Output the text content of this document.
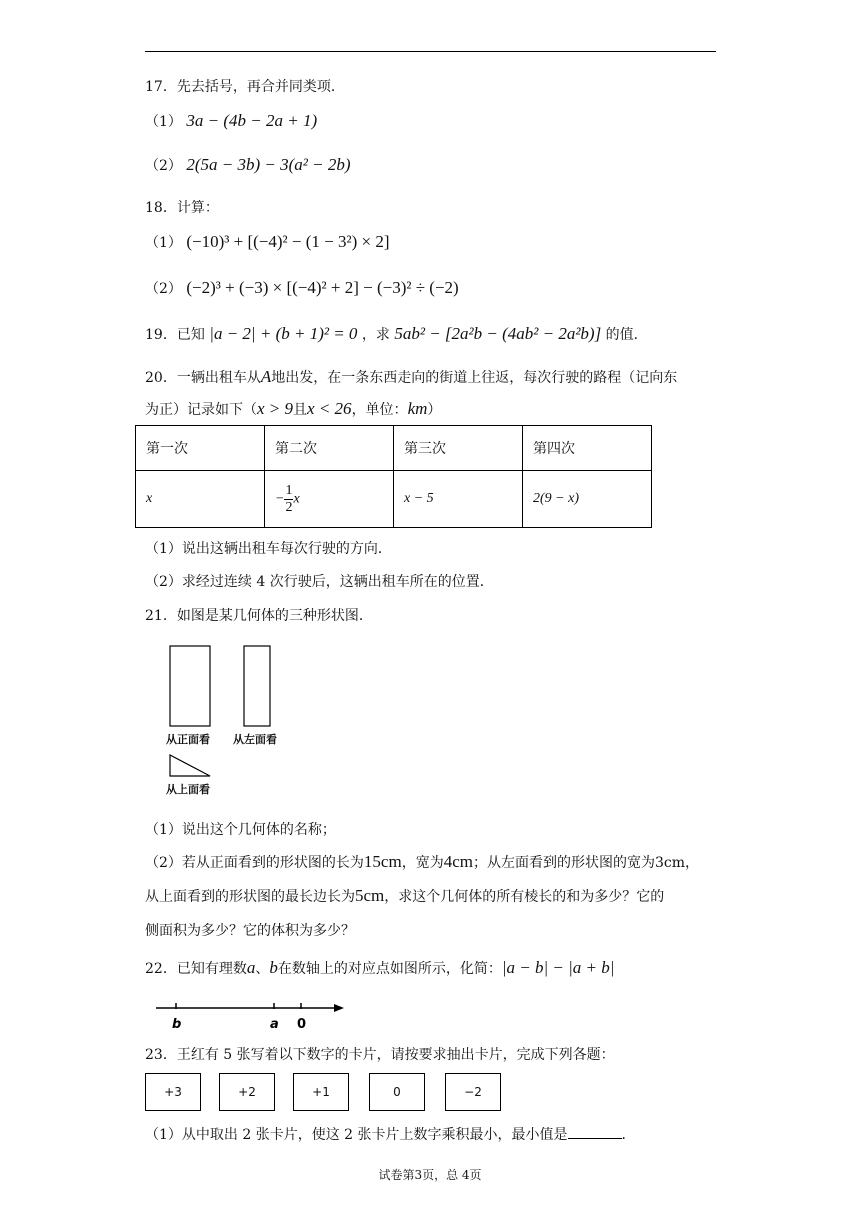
17．先去括号，再合并同类项．
（1） 3a − (4b − 2a + 1)
（2） 2(5a − 3b) − 3(a² − 2b)
18．计算：
（1） (−10)³ + [(−4)² − (1 − 3²) × 2]
（2） (−2)³ + (−3) × [(−4)² + 2] − (−3)² ÷ (−2)
19．已知 |a − 2| + (b + 1)² = 0 ，求 5ab² − [2a²b − (4ab² − 2a²b)] 的值．
20．一辆出租车从A地出发，在一条东西走向的街道上往返，每次行驶的路程（记向东
为正）记录如下（x > 9且x < 26，单位：km）
第一次	第二次	第三次	第四次
x	− $\frac{1}{2}$ x	x − 5	2(9 − x)
（1）说出这辆出租车每次行驶的方向．
（2）求经过连续 4 次行驶后，这辆出租车所在的位置．
21．如图是某几何体的三种形状图．
从正面看 从左面看
从上面看
（1）说出这个几何体的名称；
（2）若从正面看到的形状图的长为15cm，宽为4cm；从左面看到的形状图的宽为3cm，
从上面看到的形状图的最长边长为5cm，求这个几何体的所有棱长的和为多少？它的
侧面积为多少？它的体积为多少？
22．已知有理数a、b在数轴上的对应点如图所示，化简：|a − b| − |a + b|
b	a 0
23．王红有 5 张写着以下数字的卡片，请按要求抽出卡片，完成下列各题：
+3	+2	+1	0	−2
（1）从中取出 2 张卡片，使这 2 张卡片上数字乘积最小，最小值是	．
试卷第3页，总 4页
